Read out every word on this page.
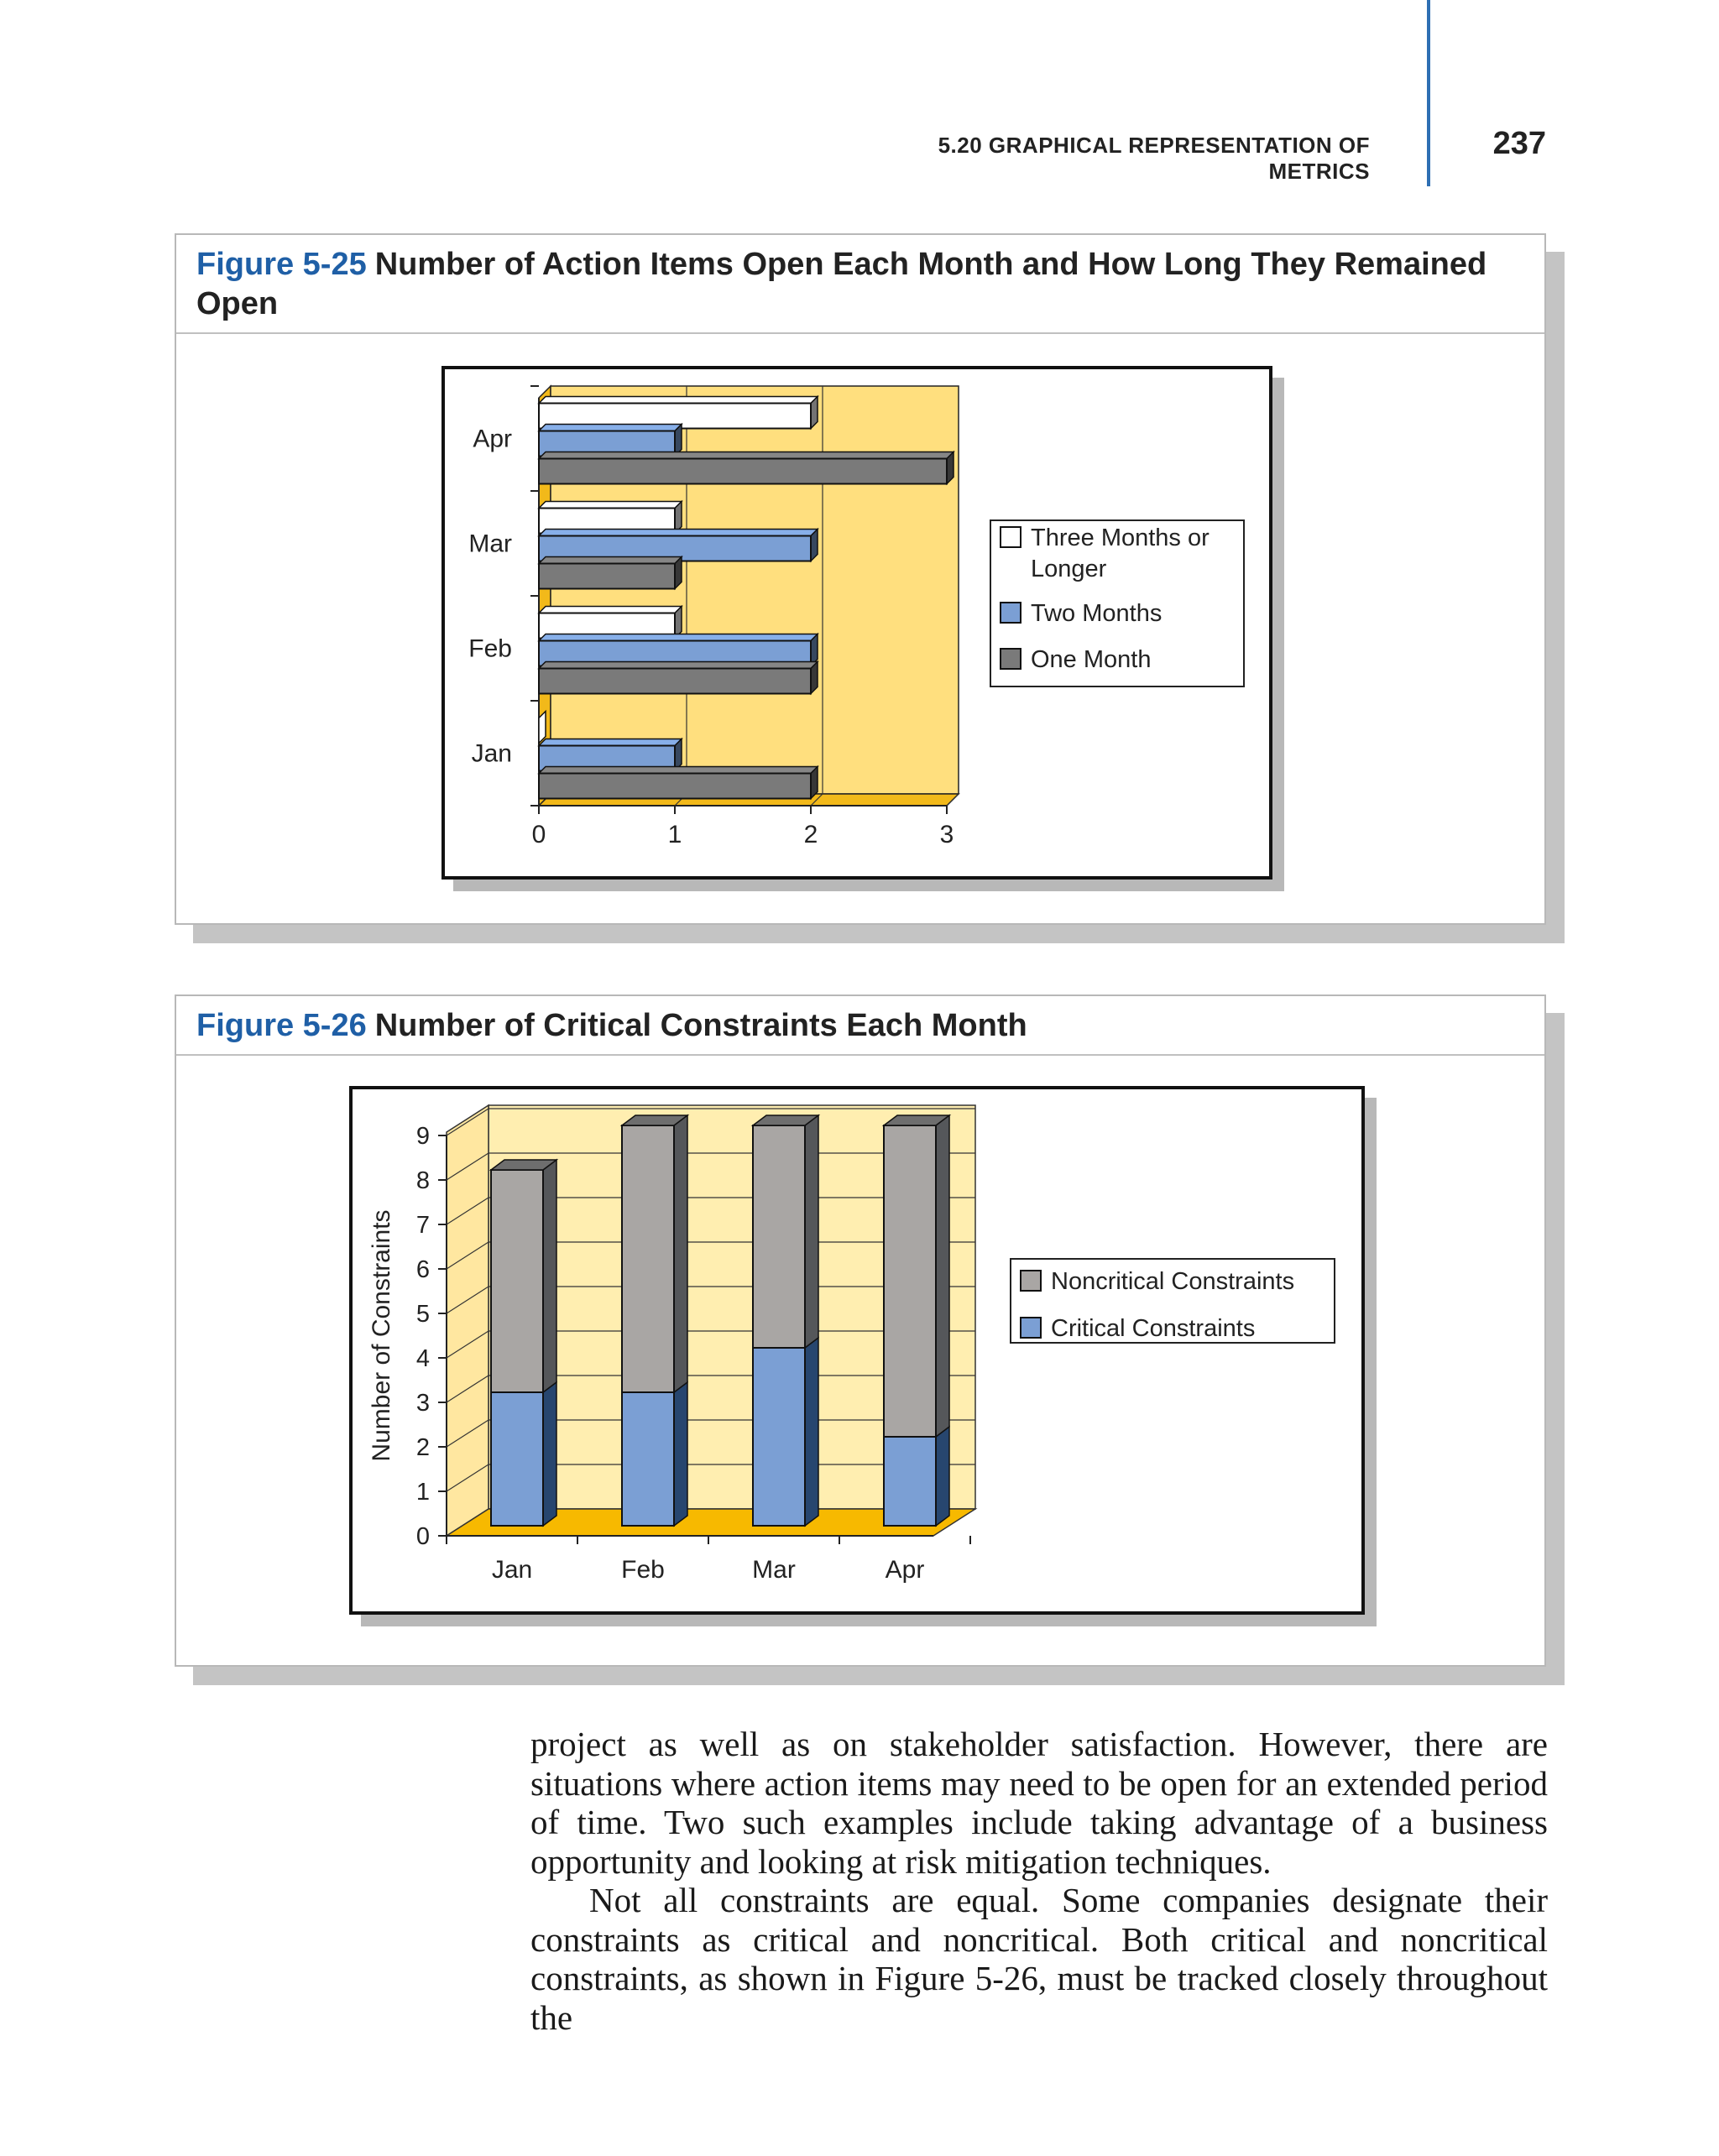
5.20 GRAPHICAL REPRESENTATION OF METRICS
237
Figure 5-25 Number of Action Items Open Each Month and How Long They Remained Open
0	1	2	3
Jan
Feb
Mar
Apr
Three Months or
Longer
Two Months
One Month
Figure 5-26 Number of Critical Constraints Each Month
0
1
2
3
4
5
6
7
8
9
Number of Constraints
Jan	Feb	Mar	Apr
Noncritical Constraints
Critical Constraints

project as well as on stakeholder satisfaction. However, there are situations where action items may need to be open for an extended period of time. Two such examples include taking advantage of a business opportunity and looking at risk mitigation techniques.

Not all constraints are equal. Some companies designate their constraints as critical and noncritical. Both critical and noncritical constraints, as shown in Figure 5-26, must be tracked closely throughout the
